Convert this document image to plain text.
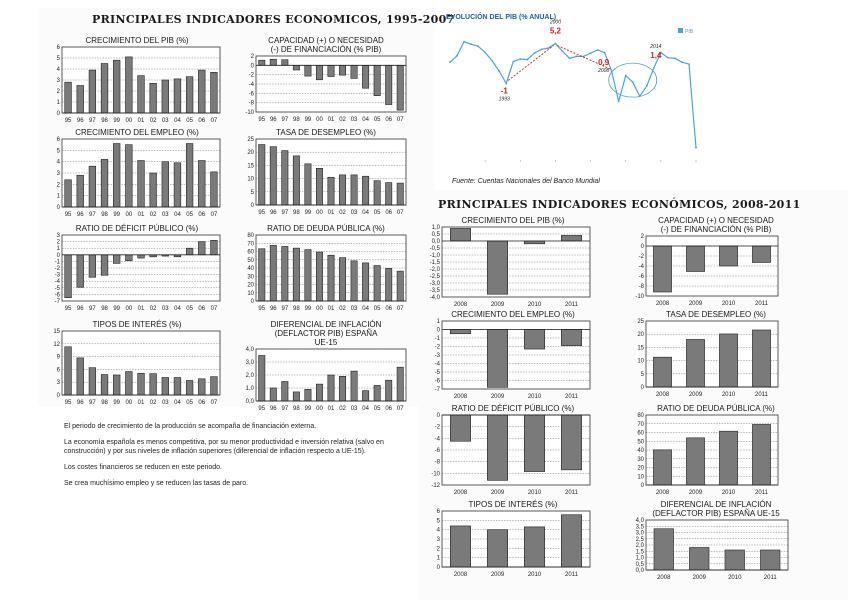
PRINCIPALES INDICADORES ECONOMICOS, 1995-2007
PRINCIPALES INDICADORES ECONÓMICOS, 2008-2011
EVOLUCIÓN DEL PIB (% ANUAL)
PIB
-1
1993
5,2
2000
0,9
2008
1,4
2014
Fuente: Cuentas Nacionales del Banco Mundial
CRECIMIENTO DEL PIB (%)
0
1
2
3
4
5
6
95 96 97 98 99 00 01 02 03 04 05 06 07
CAPACIDAD (+) O NECESIDAD
(-) DE FINANCIACIÓN (% PIB)
2
0
-2
-4
-6
-8
-10
95 96 97 98 99 00 01 02 03 04 05 06 07
CRECIMIENTO DEL EMPLEO (%)
0
1
2
3
4
5
6
95 96 97 98 99 00 01 02 03 04 05 06 07
TASA DE DESEMPLEO (%)
0
5
10
15
20
25
95 96 97 98 99 00 01 02 03 04 05 06 07
RATIO DE DÉFICIT PÚBLICO (%)
3
2
1
0
-1
-2
-3
-4
-5
-6
-7
95 96 97 98 99 00 01 02 03 04 05 06 07
RATIO DE DEUDA PÚBLICA (%)
0
10
20
30
40
50
60
70
80
95 96 97 98 99 00 01 02 03 04 05 06 07
TIPOS DE INTERÉS (%)
0
3
6
9
12
15
95 96 97 98 99 00 01 02 03 04 05 06 07
DIFERENCIAL DE INFLACIÓN
(DEFLACTOR PIB) ESPAÑA
UE-15
0,0
1,0
2,0
3,0
4,0
95 96 97 98 99 00 01 02 03 04 05 06 07
CRECIMIENTO DEL PIB (%)
1,0
0,5
0,0
-0,5
-1,0
-1,5
-2,0
-2,5
-3,0
-3,5
-4,0
2008	2009	2010	2011
CAPACIDAD (+) O NECESIDAD
(-) DE FINANCIACIÓN (% PIB)
2
0
-2
-4
-6
-8
-10
2008	2009	2010	2011
CRECIMIENTO DEL EMPLEO (%)
1
0
-1
-2
-3
-4
-5
-6
-7
2008	2009	2010	2011
TASA DE DESEMPLEO (%)
0
5
10
15
20
25
2008	2009	2010	2011
RATIO DE DÉFICIT PÚBLICO (%)
0
-2
-4
-6
-8
-10
-12
2008	2009	2010	2011
RATIO DE DEUDA PÚBLICA (%)
0
10
20
30
40
50
60
70
80
2008	2009	2010	2011
TIPOS DE INTERÉS (%)
0
1
2
3
4
5
6
2008	2009	2010	2011
DIFERENCIAL DE INFLACIÓN
(DEFLACTOR PIB) ESPAÑA UE-15
0,0
0,5
1,0
1,5
2,0
2,5
3,0
3,5
4,0
2008	2009	2010	2011

El periodo de crecimiento de la producción se acompaña de financiación externa.

La economía española es menos competitiva, por su menor productividad e inversión relativa (salvo en construcción) y por sus niveles de inflación superiores (diferencial de inflación respecto a UE-15).

Los costes financieros se reducen en este periodo.

Se crea muchísimo empleo y se reducen las tasas de paro.
